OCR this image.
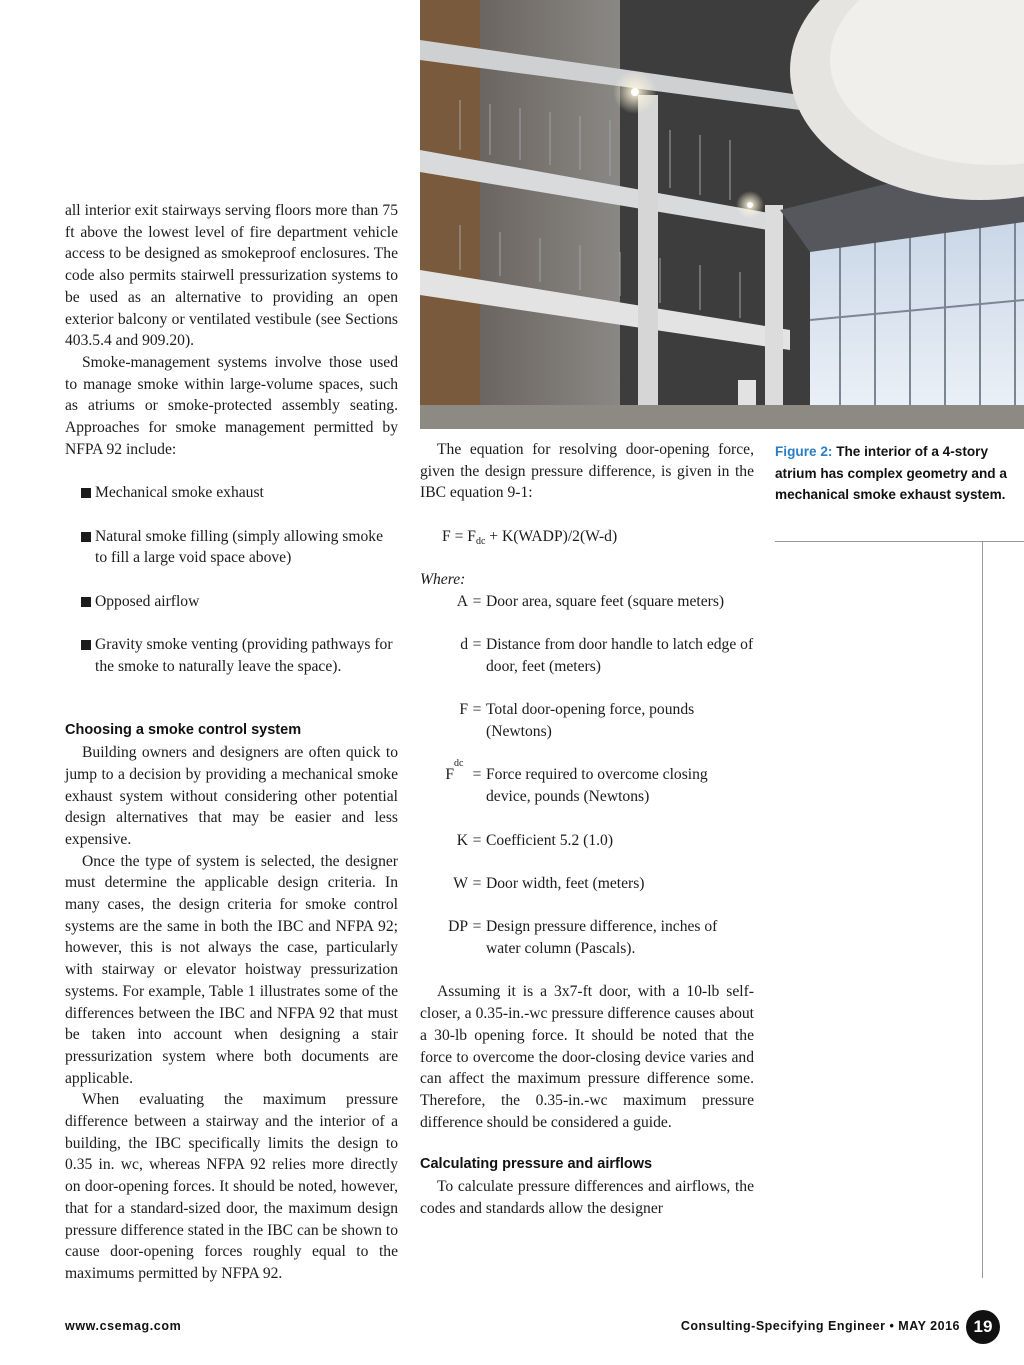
all interior exit stairways serving floors more than 75 ft above the lowest level of fire department vehicle access to be designed as smokeproof enclosures. The code also permits stairwell pressurization systems to be used as an alternative to providing an open exterior balcony or ventilated vestibule (see Sections 403.5.4 and 909.20).

Smoke-management systems involve those used to manage smoke within large-volume spaces, such as atriums or smoke-protected assembly seating. Approaches for smoke management permitted by NFPA 92 include:

Mechanical smoke exhaust
Natural smoke filling (simply allowing smoke to fill a large void space above)
Opposed airflow
Gravity smoke venting (providing pathways for the smoke to naturally leave the space).
Choosing a smoke control system

Building owners and designers are often quick to jump to a decision by providing a mechanical smoke exhaust system without considering other potential design alternatives that may be easier and less expensive.

Once the type of system is selected, the designer must determine the applicable design criteria. In many cases, the design criteria for smoke control systems are the same in both the IBC and NFPA 92; however, this is not always the case, particularly with stairway or elevator hoistway pressurization systems. For example, Table 1 illustrates some of the differences between the IBC and NFPA 92 that must be taken into account when designing a stair pressurization system where both documents are applicable.

When evaluating the maximum pressure difference between a stairway and the interior of a building, the IBC specifically limits the design to 0.35 in. wc, whereas NFPA 92 relies more directly on door-opening forces. It should be noted, however, that for a standard-sized door, the maximum design pressure difference stated in the IBC can be shown to cause door-opening forces roughly equal to the maximums permitted by NFPA 92.

The equation for resolving door-opening force, given the design pressure difference, is given in the IBC equation 9-1:

$F = F_{dc}$ + K(WADP)/2(W-d)
Where:
A = Door area, square feet (square meters)
d = Distance from door handle to latch edge of door, feet (meters)
F = Total door-opening force, pounds (Newtons)
F
dc
= Force required to overcome closing device, pounds (Newtons)
K = Coefficient 5.2 (1.0)
W = Door width, feet (meters)
DP = Design pressure difference, inches of water column (Pascals).

Assuming it is a 3x7-ft door, with a 10-lb self-closer, a 0.35-in.-wc pressure difference causes about a 30-lb opening force. It should be noted that the force to overcome the door-closing device varies and can affect the maximum pressure difference some. Therefore, the 0.35-in.-wc maximum pressure difference should be considered a guide.

Calculating pressure and airflows

To calculate pressure differences and airflows, the codes and standards allow the designer

Figure 2: The interior of a 4-story atrium has complex geometry and a mechanical smoke exhaust system.
www.csemag.com	Consulting-Specifying Engineer • MAY 2016 19
